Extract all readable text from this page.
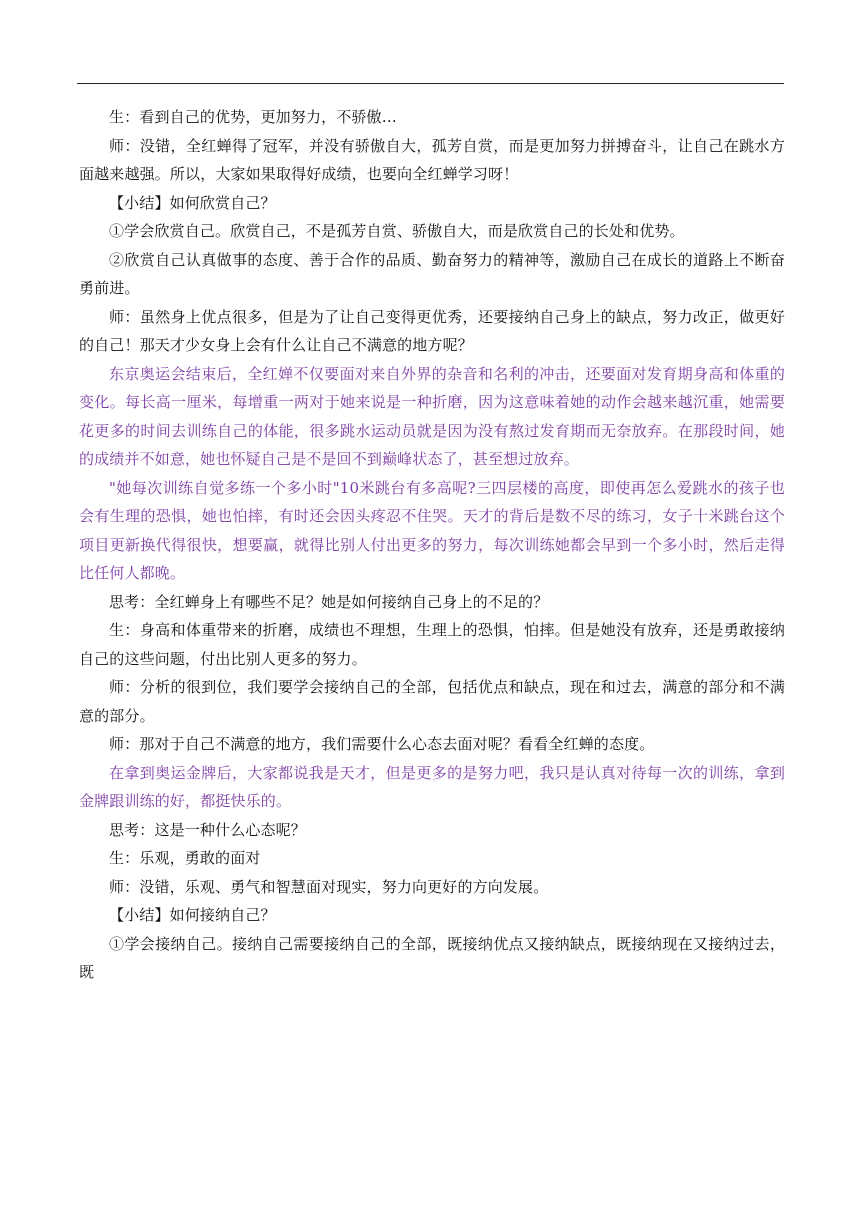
生：看到自己的优势，更加努力，不骄傲…

师：没错，全红蝉得了冠军，并没有骄傲自大，孤芳自赏，而是更加努力拼搏奋斗，让自己在跳水方面越来越强。所以，大家如果取得好成绩，也要向全红蝉学习呀！

【小结】如何欣赏自己？

①学会欣赏自己。欣赏自己，不是孤芳自赏、骄傲自大，而是欣赏自己的长处和优势。

②欣赏自己认真做事的态度、善于合作的品质、勤奋努力的精神等，激励自己在成长的道路上不断奋勇前进。

师：虽然身上优点很多，但是为了让自己变得更优秀，还要接纳自己身上的缺点，努力改正，做更好的自己！那天才少女身上会有什么让自己不满意的地方呢？

东京奥运会结束后，全红婵不仅要面对来自外界的杂音和名利的冲击，还要面对发育期身高和体重的变化。每长高一厘米，每增重一两对于她来说是一种折磨，因为这意味着她的动作会越来越沉重，她需要花更多的时间去训练自己的体能，很多跳水运动员就是因为没有熬过发育期而无奈放弃。在那段时间，她的成绩并不如意，她也怀疑自己是不是回不到巅峰状态了，甚至想过放弃。

"她每次训练自觉多练一个多小时"10米跳台有多高呢?三四层楼的高度，即使再怎么爱跳水的孩子也会有生理的恐惧，她也怕摔，有时还会因头疼忍不住哭。天才的背后是数不尽的练习，女子十米跳台这个项目更新换代得很快，想要赢，就得比别人付出更多的努力，每次训练她都会早到一个多小时，然后走得比任何人都晚。

思考：全红蝉身上有哪些不足？她是如何接纳自己身上的不足的？

生：身高和体重带来的折磨，成绩也不理想，生理上的恐惧，怕摔。但是她没有放弃，还是勇敢接纳自己的这些问题，付出比别人更多的努力。

师：分析的很到位，我们要学会接纳自己的全部，包括优点和缺点，现在和过去，满意的部分和不满意的部分。

师：那对于自己不满意的地方，我们需要什么心态去面对呢？看看全红蝉的态度。

在拿到奥运金牌后，大家都说我是天才，但是更多的是努力吧，我只是认真对待每一次的训练，拿到金牌跟训练的好，都挺快乐的。

思考：这是一种什么心态呢？

生：乐观，勇敢的面对

师：没错，乐观、勇气和智慧面对现实，努力向更好的方向发展。

【小结】如何接纳自己？

①学会接纳自己。接纳自己需要接纳自己的全部，既接纳优点又接纳缺点，既接纳现在又接纳过去，既
